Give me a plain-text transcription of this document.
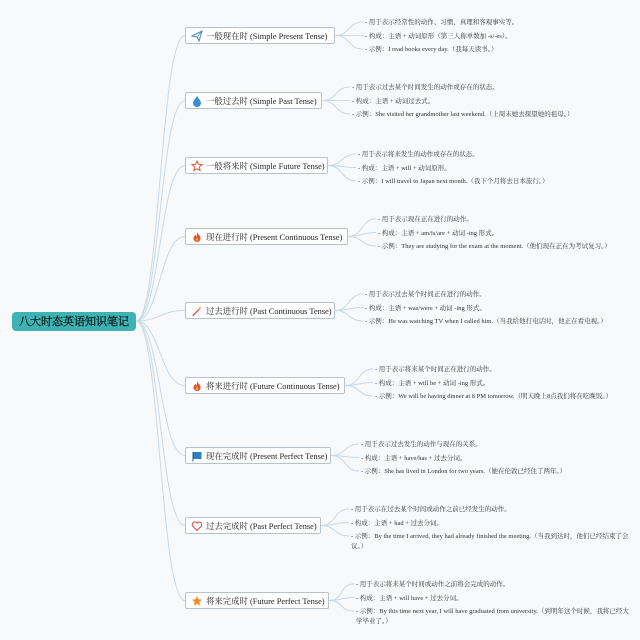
八大时态英语知识笔记
一般现在时 (Simple Present Tense)
- 用于表示经常性的动作、习惯、真理和客观事实等。
- 构成：主语 + 动词原形（第三人称单数加 -s/-es）。
- 示例：I read books every day.（我每天读书。）
一般过去时 (Simple Past Tense)
- 用于表示过去某个时间发生的动作或存在的状态。
- 构成：主语 + 动词过去式。
- 示例：She visited her grandmother last weekend.（上周末她去探望她的祖母。）
一般将来时 (Simple Future Tense)
- 用于表示将来发生的动作或存在的状态。
- 构成：主语 + will + 动词原形。
- 示例：I will travel to Japan next month.（我下个月将去日本旅行。）
现在进行时 (Present Continuous Tense)
- 用于表示现在正在进行的动作。
- 构成：主语 + am/is/are + 动词 -ing 形式。
- 示例：They are studying for the exam at the moment.（他们现在正在为考试复习。）
过去进行时 (Past Continuous Tense)
- 用于表示过去某个时间正在进行的动作。
- 构成：主语 + was/were + 动词 -ing 形式。
- 示例：He was watching TV when I called him.（当我给他打电话时，他正在看电视。）
将来进行时 (Future Continuous Tense)
- 用于表示将来某个时间正在进行的动作。
- 构成：主语 + will be + 动词 -ing 形式。
- 示例：We will be having dinner at 8 PM tomorrow.（明天晚上8点我们将在吃晚饭。）
现在完成时 (Present Perfect Tense)
- 用于表示过去发生的动作与现在的关系。
- 构成：主语 + have/has + 过去分词。
- 示例：She has lived in London for two years.（她在伦敦已经住了两年。）
过去完成时 (Past Perfect Tense)
- 用于表示在过去某个时间或动作之前已经发生的动作。
- 构成：主语 + had + 过去分词。
- 示例：By the time I arrived, they had already finished the meeting.（当我到达时，他们已经结束了会议。）
将来完成时 (Future Perfect Tense)
- 用于表示将来某个时间或动作之前将会完成的动作。
- 构成：主语 + will have + 过去分词。
- 示例：By this time next year, I will have graduated from university.（到明年这个时候，我将已经大学毕业了。）
